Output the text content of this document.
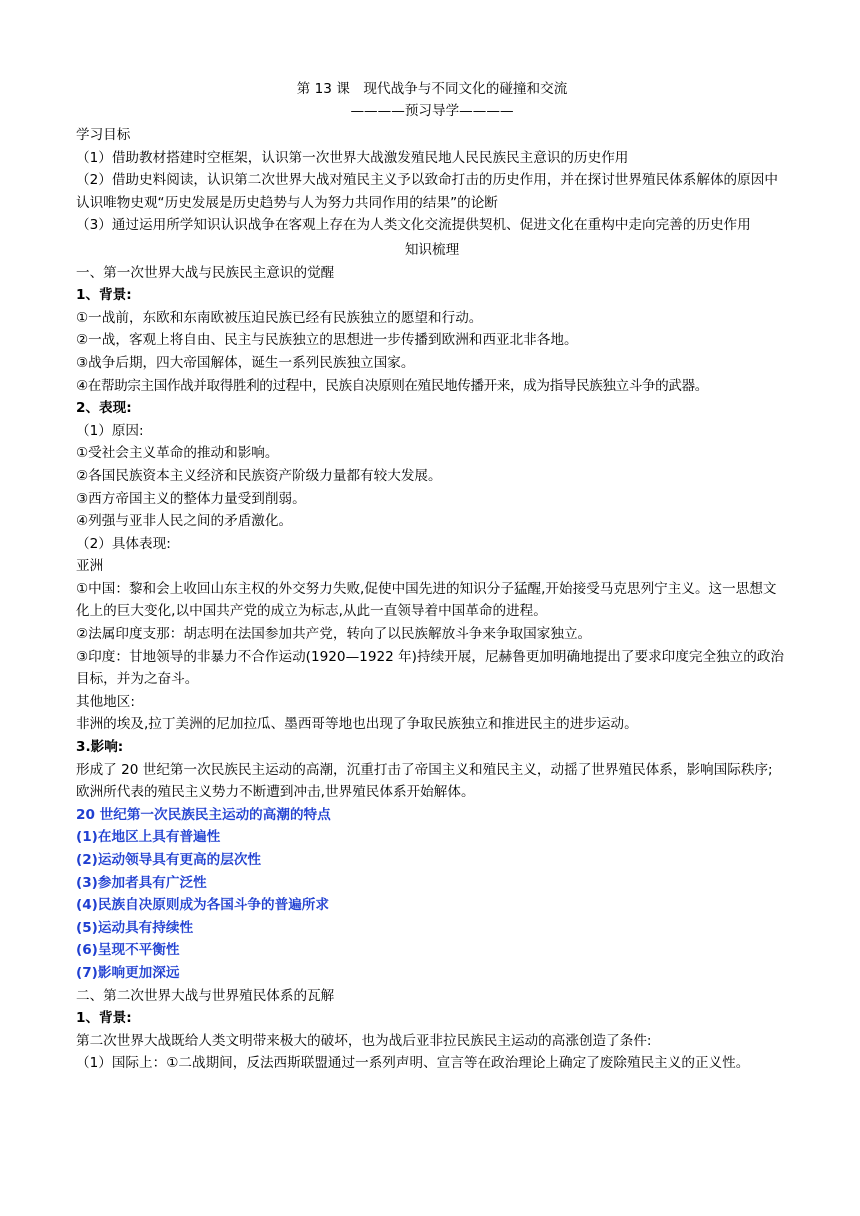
第 13 课　现代战争与不同文化的碰撞和交流
————预习导学————
学习目标
（1）借助教材搭建时空框架，认识第一次世界大战激发殖民地人民民族民主意识的历史作用
（2）借助史料阅读，认识第二次世界大战对殖民主义予以致命打击的历史作用，并在探讨世界殖民体系解体的原因中认识唯物史观“历史发展是历史趋势与人为努力共同作用的结果”的论断
（3）通过运用所学知识认识战争在客观上存在为人类文化交流提供契机、促进文化在重构中走向完善的历史作用
知识梳理
一、第一次世界大战与民族民主意识的觉醒
1、背景:
①一战前，东欧和东南欧被压迫民族已经有民族独立的愿望和行动。
②一战，客观上将自由、民主与民族独立的思想进一步传播到欧洲和西亚北非各地。
③战争后期，四大帝国解体，诞生一系列民族独立国家。
④在帮助宗主国作战并取得胜利的过程中，民族自决原则在殖民地传播开来，成为指导民族独立斗争的武器。
2、表现:
（1）原因:
①受社会主义革命的推动和影响。
②各国民族资本主义经济和民族资产阶级力量都有较大发展。
③西方帝国主义的整体力量受到削弱。
④列强与亚非人民之间的矛盾激化。
（2）具体表现:
亚洲
①中国：黎和会上收回山东主权的外交努力失败,促使中国先进的知识分子猛醒,开始接受马克思列宁主义。这一思想文化上的巨大变化,以中国共产党的成立为标志,从此一直领导着中国革命的进程。
②法属印度支那：胡志明在法国参加共产党，转向了以民族解放斗争来争取国家独立。
③印度：甘地领导的非暴力不合作运动(1920—1922 年)持续开展，尼赫鲁更加明确地提出了要求印度完全独立的政治目标，并为之奋斗。
其他地区:
非洲的埃及,拉丁美洲的尼加拉瓜、墨西哥等地也出现了争取民族独立和推进民主的进步运动。
3.影响:
形成了 20 世纪第一次民族民主运动的高潮，沉重打击了帝国主义和殖民主义，动摇了世界殖民体系，影响国际秩序;
欧洲所代表的殖民主义势力不断遭到冲击,世界殖民体系开始解体。
20 世纪第一次民族民主运动的高潮的特点
(1)在地区上具有普遍性
(2)运动领导具有更高的层次性
(3)参加者具有广泛性
(4)民族自决原则成为各国斗争的普遍所求
(5)运动具有持续性
(6)呈现不平衡性
(7)影响更加深远
二、第二次世界大战与世界殖民体系的瓦解
1、背景:
第二次世界大战既给人类文明带来极大的破坏，也为战后亚非拉民族民主运动的高涨创造了条件:
（1）国际上：①二战期间，反法西斯联盟通过一系列声明、宣言等在政治理论上确定了废除殖民主义的正义性。
